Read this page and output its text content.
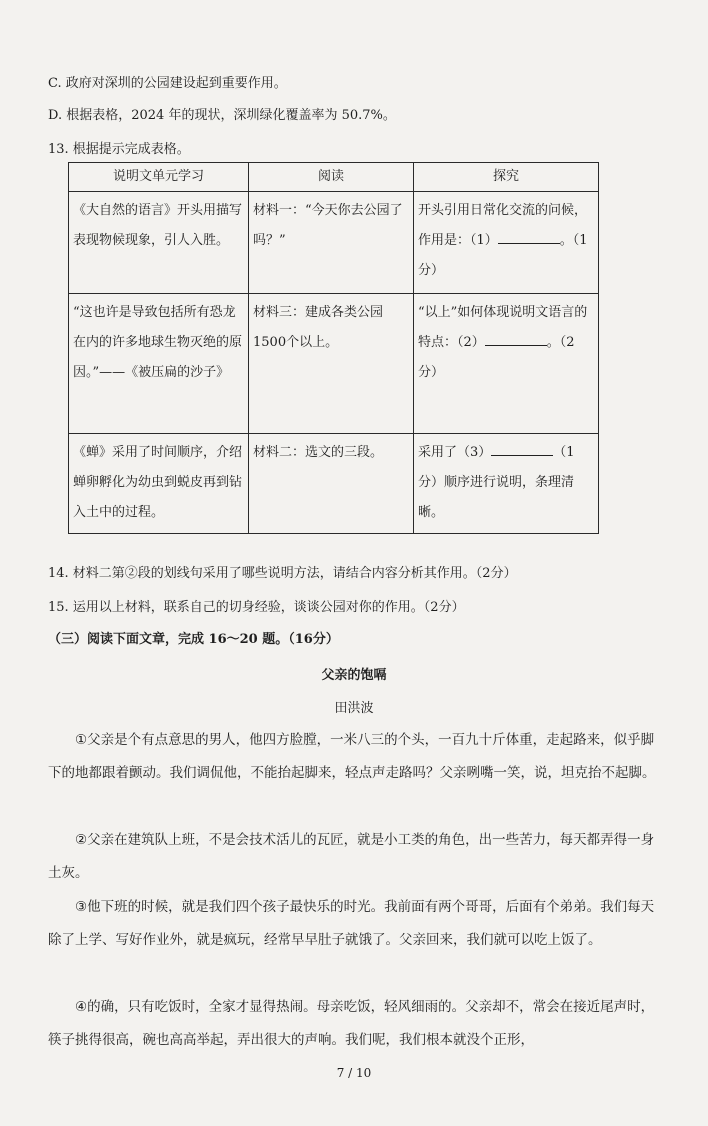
C. 政府对深圳的公园建设起到重要作用。
D. 根据表格，2024 年的现状，深圳绿化覆盖率为 50.7%。
13. 根据提示完成表格。
说明文单元学习	阅读	探究
《大自然的语言》开头用描写表现物候现象，引人入胜。	材料一：“今天你去公园了吗？”	开头引用日常化交流的问候，作用是：（1） 。（1分）
“这也许是导致包括所有恐龙在内的许多地球生物灭绝的原因。”——《被压扁的沙子》	材料三：建成各类公园1500个以上。	“以上”如何体现说明文语言的特点：（2） 。（2分）
《蝉》采用了时间顺序，介绍蝉卵孵化为幼虫到蜕皮再到钻入土中的过程。	材料二：选文的三段。	采用了（3） （1分）顺序进行说明，条理清晰。
14. 材料二第②段的划线句采用了哪些说明方法，请结合内容分析其作用。（2分）
15. 运用以上材料，联系自己的切身经验，谈谈公园对你的作用。（2分）
（三）阅读下面文章，完成 16～20 题。（16分）
父亲的饱嗝
田洪波
①父亲是个有点意思的男人，他四方脸膛，一米八三的个头，一百九十斤体重，走起路来，似乎脚下的地都跟着颤动。我们调侃他，不能抬起脚来，轻点声走路吗？父亲咧嘴一笑，说，坦克抬不起脚。
②父亲在建筑队上班，不是会技术活儿的瓦匠，就是小工类的角色，出一些苦力，每天都弄得一身土灰。
③他下班的时候，就是我们四个孩子最快乐的时光。我前面有两个哥哥，后面有个弟弟。我们每天除了上学、写好作业外，就是疯玩，经常早早肚子就饿了。父亲回来，我们就可以吃上饭了。
④的确，只有吃饭时，全家才显得热闹。母亲吃饭，轻风细雨的。父亲却不，常会在接近尾声时，筷子挑得很高，碗也高高举起，弄出很大的声响。我们呢，我们根本就没个正形，
7 / 10
